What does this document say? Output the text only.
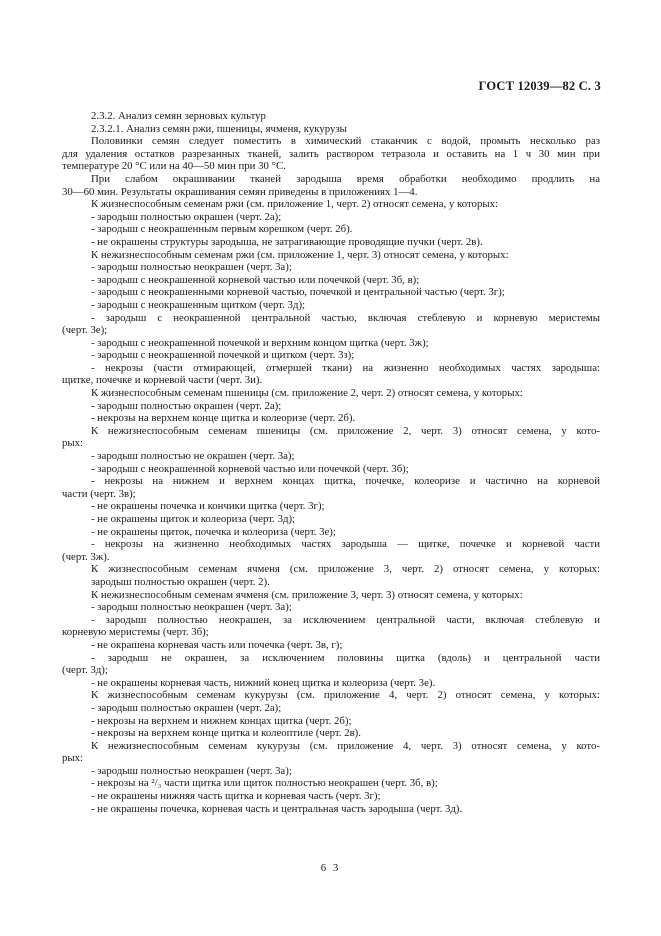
ГОСТ 12039—82 С. 3

2.3.2. Анализ семян зерновых культур

2.3.2.1. Анализ семян ржи, пшеницы, ячменя, кукурузы

Половинки семян следует поместить в химический стаканчик с водой, промыть несколько раз

для удаления остатков разрезанных тканей, залить раствором тетразола и оставить на 1 ч 30 мин при

температуре 20 °С или на 40—50 мин при 30 °С.

При слабом окрашивании тканей зародыша время обработки необходимо продлить на

30—60 мин. Результаты окрашивания семян приведены в приложениях 1—4.

К жизнеспособным семенам ржи (см. приложение 1, черт. 2) относят семена, у которых:

- зародыш полностью окрашен (черт. 2а);

- зародыш с неокрашенным первым корешком (черт. 2б).

- не окрашены структуры зародыша, не затрагивающие проводящие пучки (черт. 2в).

К нежизнеспособным семенам ржи (см. приложение 1, черт. 3) относят семена, у которых:

- зародыш полностью неокрашен (черт. 3а);

- зародыш с неокрашенной корневой частью или почечкой (черт. 3б, в);

- зародыш с неокрашенными корневой частью, почечкой и центральной частью (черт. 3г);

- зародыш с неокрашенным щитком (черт. 3д);

- зародыш с неокрашенной центральной частью, включая стеблевую и корневую меристемы

(черт. 3е);

- зародыш с неокрашенной почечкой и верхним концом щитка (черт. 3ж);

- зародыш с неокрашенной почечкой и щитком (черт. 3з);

- некрозы (части отмирающей, отмершей ткани) на жизненно необходимых частях зародыша:

щитке, почечке и корневой части (черт. 3и).

К жизнеспособным семенам пшеницы (см. приложение 2, черт. 2) относят семена, у которых:

- зародыш полностью окрашен (черт. 2а);

- некрозы на верхнем конце щитка и колеоризе (черт. 2б).

К нежизнеспособным семенам пшеницы (см. приложение 2, черт. 3) относят семена, у кото-

рых:

- зародыш полностью не окрашен (черт. 3а);

- зародыш с неокрашенной корневой частью или почечкой (черт. 3б);

- некрозы на нижнем и верхнем концах щитка, почечке, колеоризе и частично на корневой

части (черт. 3в);

- не окрашены почечка и кончики щитка (черт. 3г);

- не окрашены щиток и колеориза (черт. 3д);

- не окрашены щиток, почечка и колеориза (черт. 3е);

- некрозы на жизненно необходимых частях зародыша — щитке, почечке и корневой части

(черт. 3ж).

К жизнеспособным семенам ячменя (см. приложение 3, черт. 2) относят семена, у которых:

зародыш полностью окрашен (черт. 2).

К нежизнеспособным семенам ячменя (см. приложение 3, черт. 3) относят семена, у которых:

- зародыш полностью неокрашен (черт. 3а);

- зародыш полностью неокрашен, за исключением центральной части, включая стеблевую и

корневую меристемы (черт. 3б);

- не окрашена корневая часть или почечка (черт. 3в, г);

- зародыш не окрашен, за исключением половины щитка (вдоль) и центральной части

(черт. 3д);

- не окрашены корневая часть, нижний конец щитка и колеориза (черт. 3е).

К жизнеспособным семенам кукурузы (см. приложение 4, черт. 2) относят семена, у которых:

- зародыш полностью окрашен (черт. 2а);

- некрозы на верхнем и нижнем концах щитка (черт. 2б);

- некрозы на верхнем конце щитка и колеоптиле (черт. 2в).

К нежизнеспособным семенам кукурузы (см. приложение 4, черт. 3) относят семена, у кото-

рых:

- зародыш полностью неокрашен (черт. 3а);

- некрозы на ²/₃ части щитка или щиток полностью неокрашен (черт. 3б, в);

- не окрашены нижняя часть щитка и корневая часть (черт. 3г);

- не окрашены почечка, корневая часть и центральная часть зародыша (черт. 3д).

6 3
